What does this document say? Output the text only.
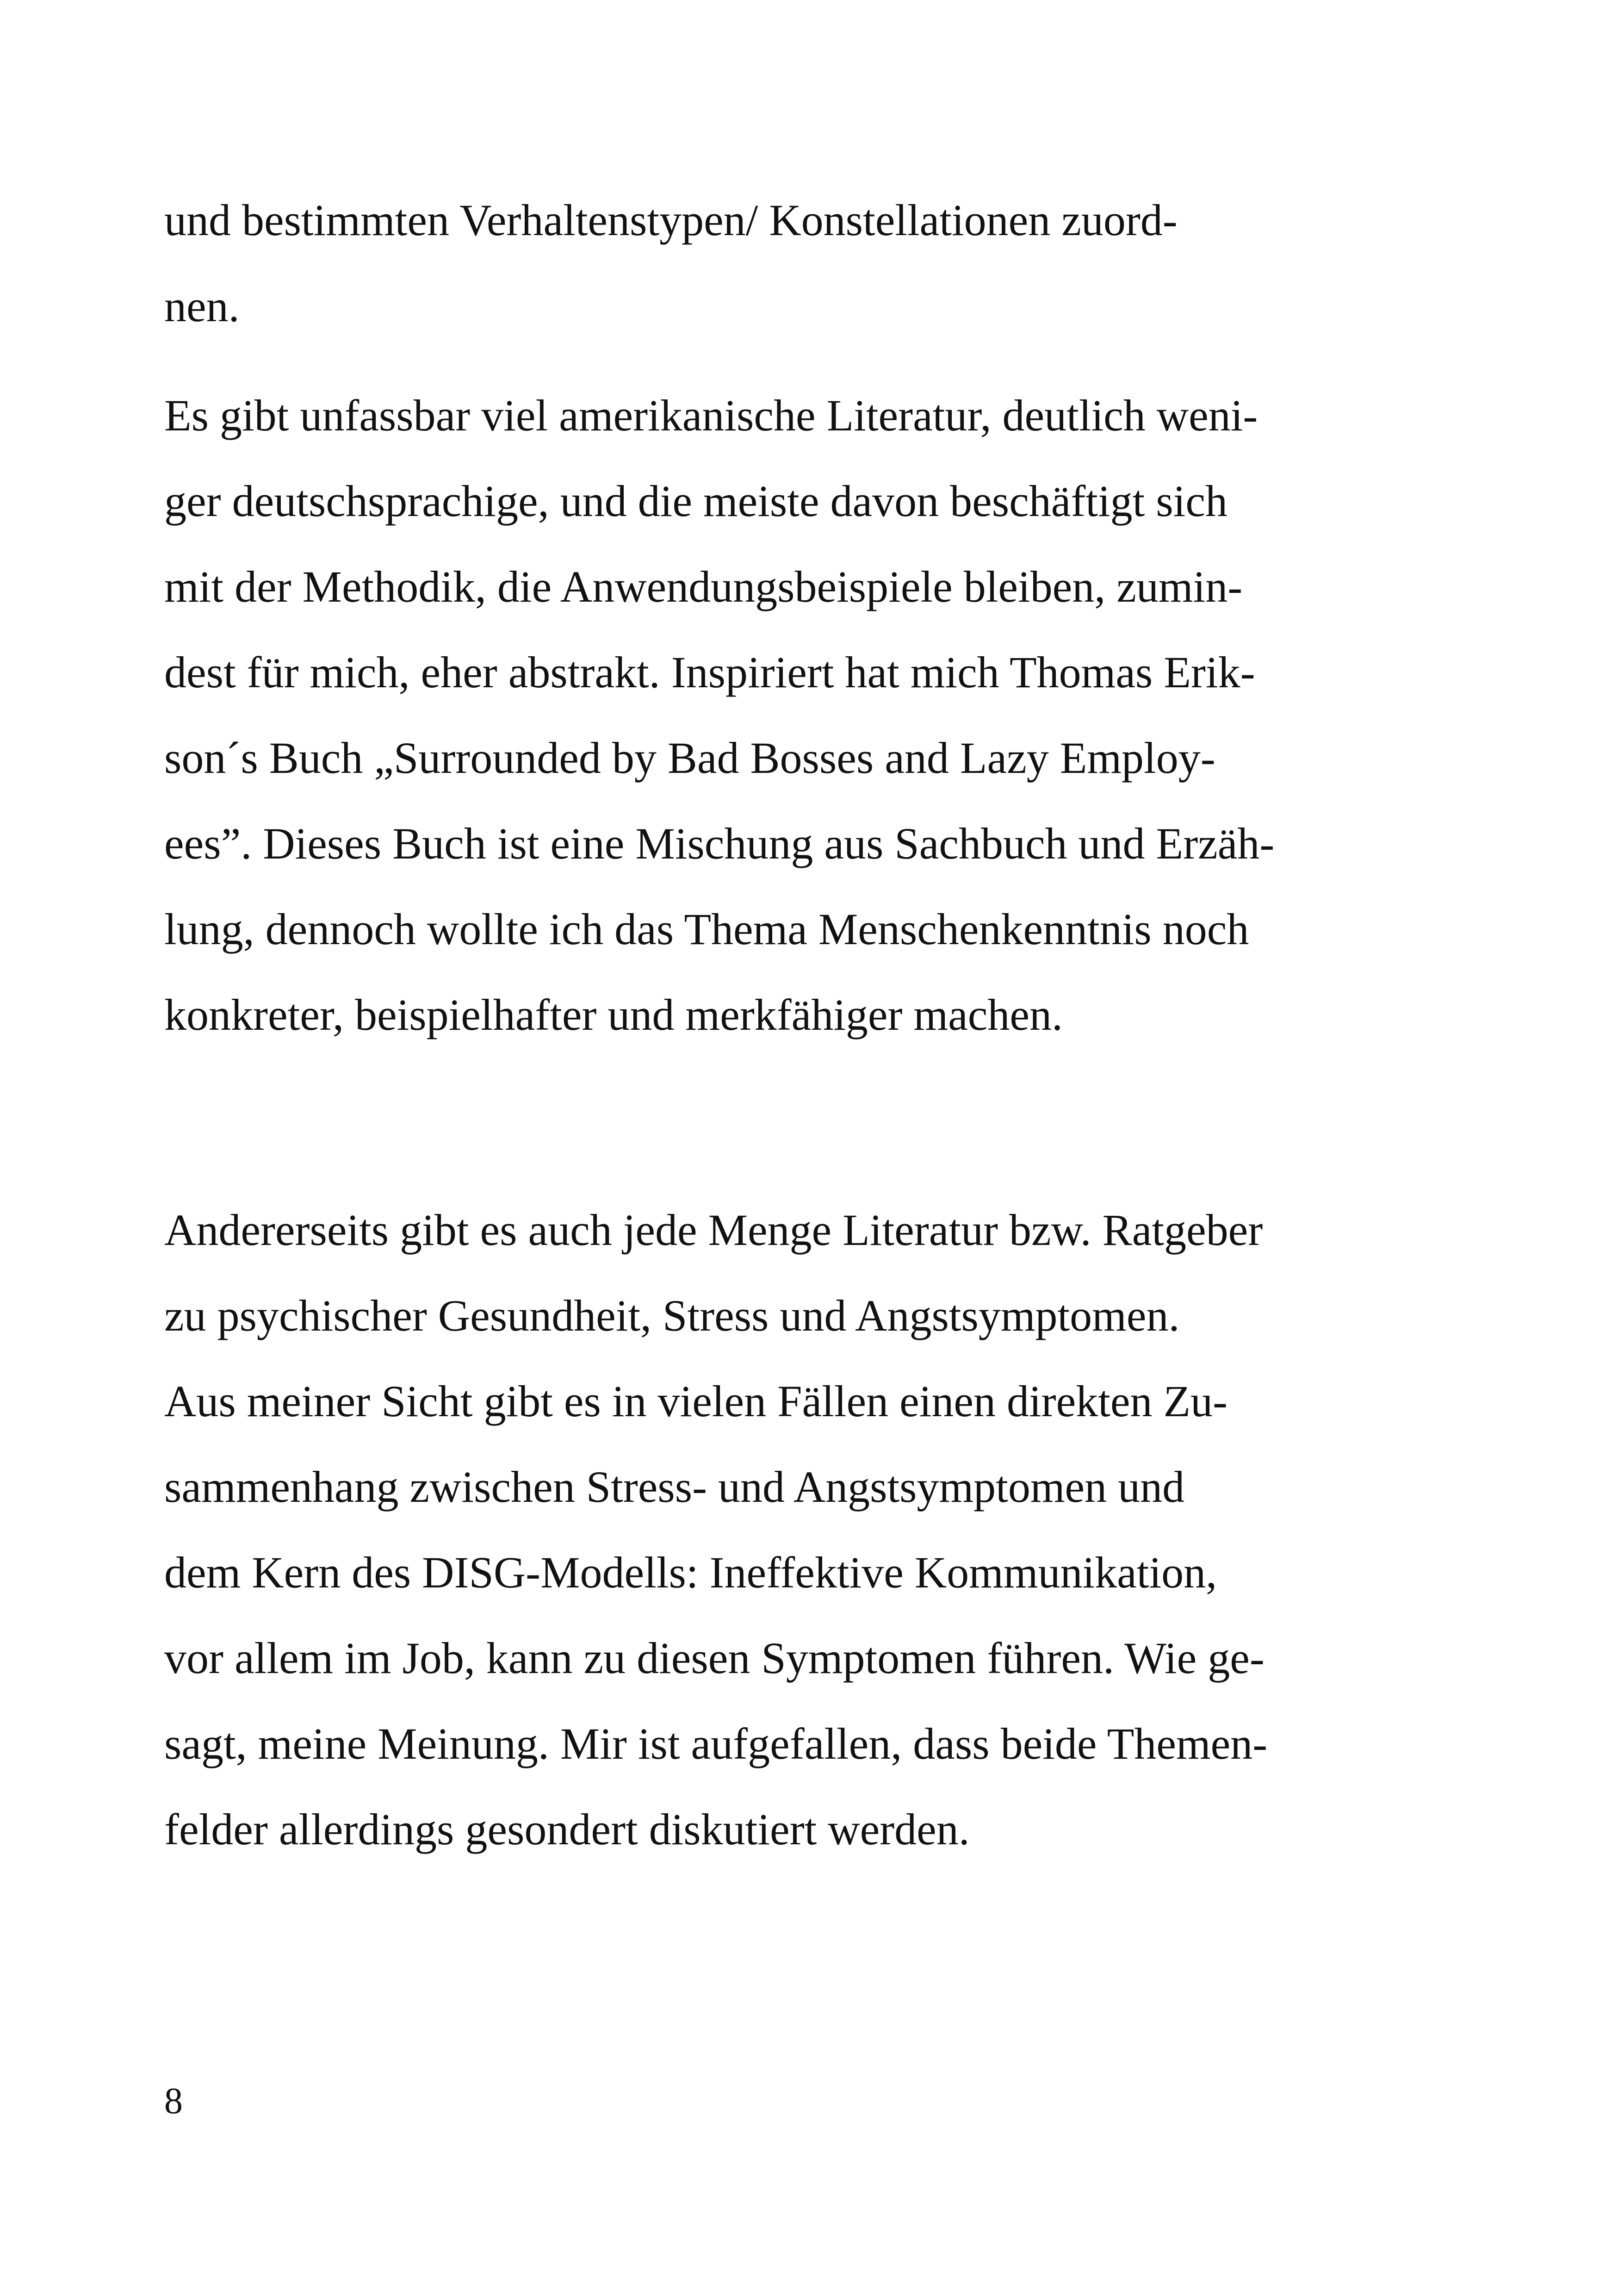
und bestimmten Verhaltenstypen/ Konstellationen zuord-

nen.

Es gibt unfassbar viel amerikanische Literatur, deutlich weni-

ger deutschsprachige, und die meiste davon beschäftigt sich

mit der Methodik, die Anwendungsbeispiele bleiben, zumin-

dest für mich, eher abstrakt. Inspiriert hat mich Thomas Erik-

son´s Buch „Surrounded by Bad Bosses and Lazy Employ-

ees”. Dieses Buch ist eine Mischung aus Sachbuch und Erzäh-

lung, dennoch wollte ich das Thema Menschenkenntnis noch

konkreter, beispielhafter und merkfähiger machen.

Andererseits gibt es auch jede Menge Literatur bzw. Ratgeber

zu psychischer Gesundheit, Stress und Angstsymptomen.

Aus meiner Sicht gibt es in vielen Fällen einen direkten Zu-

sammenhang zwischen Stress- und Angstsymptomen und

dem Kern des DISG-Modells: Ineffektive Kommunikation,

vor allem im Job, kann zu diesen Symptomen führen. Wie ge-

sagt, meine Meinung. Mir ist aufgefallen, dass beide Themen-

felder allerdings gesondert diskutiert werden.

8
